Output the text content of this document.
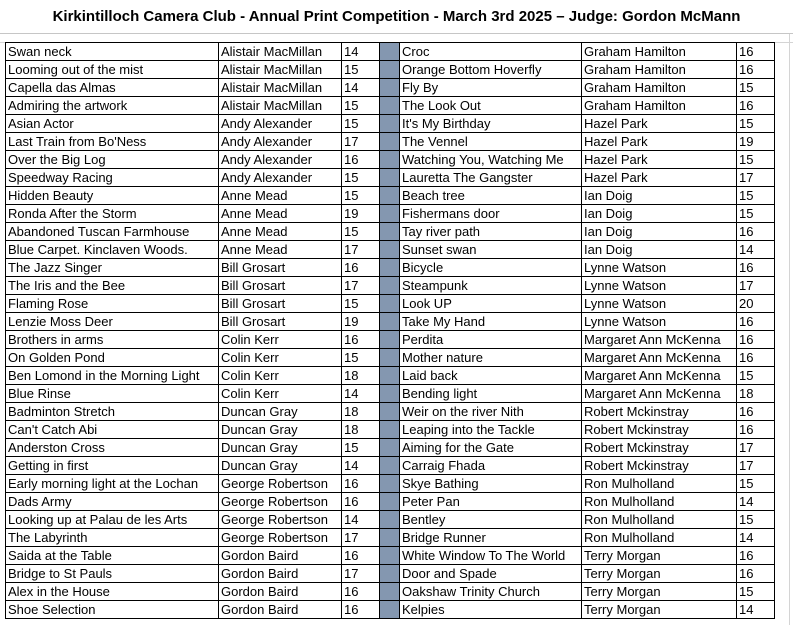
Kirkintilloch Camera Club - Annual Print Competition - March 3rd 2025 – Judge: Gordon McMann
Swan neck	Alistair MacMillan	14		Croc	Graham Hamilton	16
Looming out of the mist	Alistair MacMillan	15		Orange Bottom Hoverfly	Graham Hamilton	16
Capella das Almas	Alistair MacMillan	14		Fly By	Graham Hamilton	15
Admiring the artwork	Alistair MacMillan	15		The Look Out	Graham Hamilton	16
Asian Actor	Andy Alexander	15		It's My Birthday	Hazel Park	15
Last Train from Bo'Ness	Andy Alexander	17		The Vennel	Hazel Park	19
Over the Big Log	Andy Alexander	16		Watching You, Watching Me	Hazel Park	15
Speedway Racing	Andy Alexander	15		Lauretta The Gangster	Hazel Park	17
Hidden Beauty	Anne Mead	15		Beach tree	Ian Doig	15
Ronda After the Storm	Anne Mead	19		Fishermans door	Ian Doig	15
Abandoned Tuscan Farmhouse	Anne Mead	15		Tay river path	Ian Doig	16
Blue Carpet. Kinclaven Woods.	Anne Mead	17		Sunset swan	Ian Doig	14
The Jazz Singer	Bill Grosart	16		Bicycle	Lynne Watson	16
The Iris and the Bee	Bill Grosart	17		Steampunk	Lynne Watson	17
Flaming Rose	Bill Grosart	15		Look UP	Lynne Watson	20
Lenzie Moss Deer	Bill Grosart	19		Take My Hand	Lynne Watson	16
Brothers in arms	Colin Kerr	16		Perdita	Margaret Ann McKenna	16
On Golden Pond	Colin Kerr	15		Mother nature	Margaret Ann McKenna	16
Ben Lomond in the Morning Light	Colin Kerr	18		Laid back	Margaret Ann McKenna	15
Blue Rinse	Colin Kerr	14		Bending light	Margaret Ann McKenna	18
Badminton Stretch	Duncan Gray	18		Weir on the river Nith	Robert Mckinstray	16
Can't Catch Abi	Duncan Gray	18		Leaping into the Tackle	Robert Mckinstray	16
Anderston Cross	Duncan Gray	15		Aiming for the Gate	Robert Mckinstray	17
Getting in first	Duncan Gray	14		Carraig Fhada	Robert Mckinstray	17
Early morning light at the Lochan	George Robertson	16		Skye Bathing	Ron Mulholland	15
Dads Army	George Robertson	16		Peter Pan	Ron Mulholland	14
Looking up at Palau de les Arts	George Robertson	14		Bentley	Ron Mulholland	15
The Labyrinth	George Robertson	17		Bridge Runner	Ron Mulholland	14
Saida at the Table	Gordon Baird	16		White Window To The World	Terry Morgan	16
Bridge to St Pauls	Gordon Baird	17		Door and Spade	Terry Morgan	16
Alex in the House	Gordon Baird	16		Oakshaw Trinity Church	Terry Morgan	15
Shoe Selection	Gordon Baird	16		Kelpies	Terry Morgan	14
